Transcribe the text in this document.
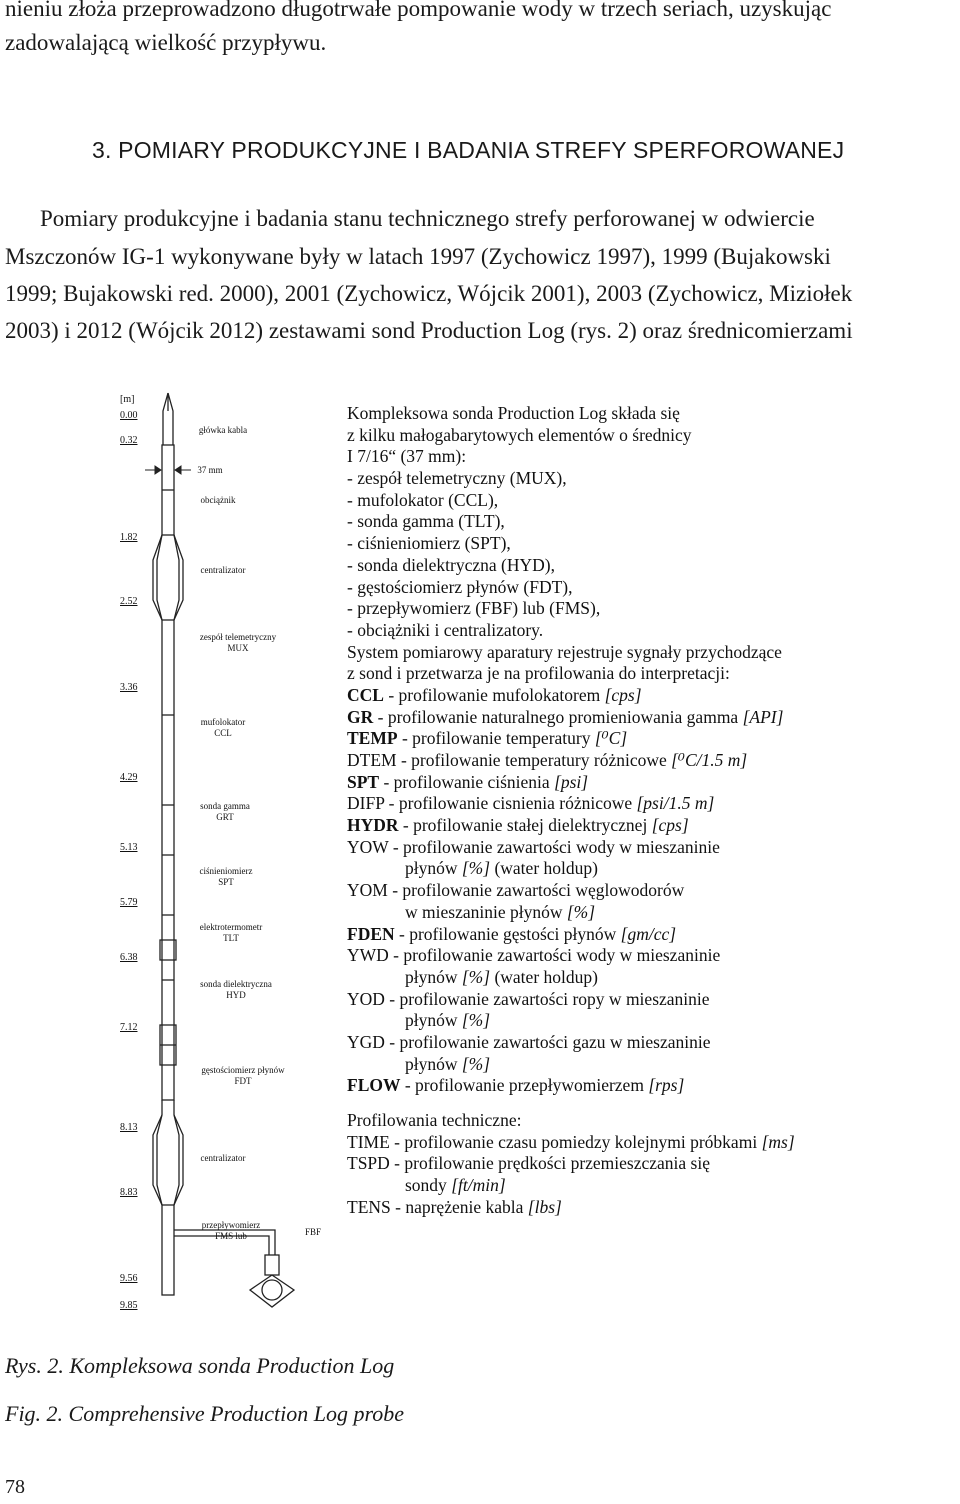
nieniu złoża przeprowadzono długotrwałe pompowanie wody w trzech seriach, uzyskując
zadowalającą wielkość przypływu.
3. POMIARY PRODUKCYJNE I BADANIA STREFY SPERFOROWANEJ
Pomiary produkcyjne i badania stanu technicznego strefy perforowanej w odwiercie
Mszczonów IG-1 wykonywane były w latach 1997 (Zychowicz 1997), 1999 (Bujakowski
1999; Bujakowski red. 2000), 2001 (Zychowicz, Wójcik 2001), 2003 (Zychowicz, Miziołek
2003) i 2012 (Wójcik 2012) zestawami sond Production Log (rys. 2) oraz średnicomierzami
[m]
0.00
0.32
1.82
2.52
3.36
4.29
5.13
5.79
6.38
7.12
8.13
8.83
9.56
9.85
główka kabla
37 mm
obciążnik
centralizator
zespół telemetryczny
MUX
mufolokator
CCL
sonda gamma
GRT
ciśnieniomierz
SPT
elektrotermometr
TLT
sonda dielektryczna
HYD
gęstościomierz płynów
FDT
centralizator
przepływomierz
FMS lub	FBF
Kompleksowa sonda Production Log składa się
z kilku małogabarytowych elementów o średnicy
I 7/16“ (37 mm):
- zespół telemetryczny (MUX),
- mufolokator (CCL),
- sonda gamma (TLT),
- ciśnieniomierz (SPT),
- sonda dielektryczna (HYD),
- gęstościomierz płynów (FDT),
- przepływomierz (FBF) lub (FMS),
- obciążniki i centralizatory.
System pomiarowy aparatury rejestruje sygnały przychodzące
z sond i przetwarza je na profilowania do interpretacji:
CCL - profilowanie mufolokatorem [cps]
GR - profilowanie naturalnego promieniowania gamma [API]
TEMP - profilowanie temperatury [⁰C]
DTEM - profilowanie temperatury różnicowe [⁰C/1.5 m]
SPT - profilowanie ciśnienia [psi]
DIFP - profilowanie cisnienia różnicowe [psi/1.5 m]
HYDR - profilowanie stałej dielektrycznej [cps]
YOW - profilowanie zawartości wody w mieszaninie
płynów [%] (water holdup)
YOM - profilowanie zawartości węglowodorów
w mieszaninie płynów [%]
FDEN - profilowanie gęstości płynów [gm/cc]
YWD - profilowanie zawartości wody w mieszaninie
płynów [%] (water holdup)
YOD - profilowanie zawartości ropy w mieszaninie
płynów [%]
YGD - profilowanie zawartości gazu w mieszaninie
płynów [%]
FLOW - profilowanie przepływomierzem [rps]
Profilowania techniczne:
TIME - profilowanie czasu pomiedzy kolejnymi próbkami [ms]
TSPD - profilowanie prędkości przemieszczania się
sondy [ft/min]
TENS - naprężenie kabla [lbs]
Rys. 2. Kompleksowa sonda Production Log
Fig. 2. Comprehensive Production Log probe
78
